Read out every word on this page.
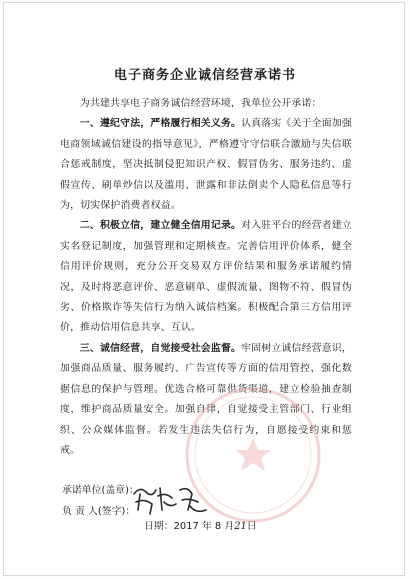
电子商务企业诚信经营承诺书

为共建共享电子商务诚信经营环境，我单位公开承诺：

一、遵纪守法，严格履行相关义务。认真落实《关于全面加强电商领域诚信建设的指导意见》，严格遵守守信联合激励与失信联合惩戒制度，坚决抵制侵犯知识产权、假冒伪劣、服务违约、虚假宣传、刷单炒信以及滥用、泄露和非法倒卖个人隐私信息等行为，切实保护消费者权益。

二、积极立信，建立健全信用记录。对入驻平台的经营者建立实名登记制度，加强管理和定期核查。完善信用评价体系，健全信用评价规则，充分公开交易双方评价结果和服务承诺履约情况，及时将恶意评价、恶意刷单、虚假流量、图物不符、假冒伪劣、价格欺诈等失信行为纳入诚信档案。积极配合第三方信用评价，推动信用信息共享、互认。

三、诚信经营，自觉接受社会监督。牢固树立诚信经营意识，加强商品质量、服务履约、广告宣传等方面的信用管控，强化数据信息的保护与管理。优选合格可靠供货渠道，建立检验抽查制度，维护商品质量安全。加强自律，自觉接受主管部门、行业组织、公众媒体监督。若发生违法失信行为，自愿接受约束和惩戒。

承诺单位(盖章)：
负 责 人(签字)：
日期：2017 年 8 月21日
